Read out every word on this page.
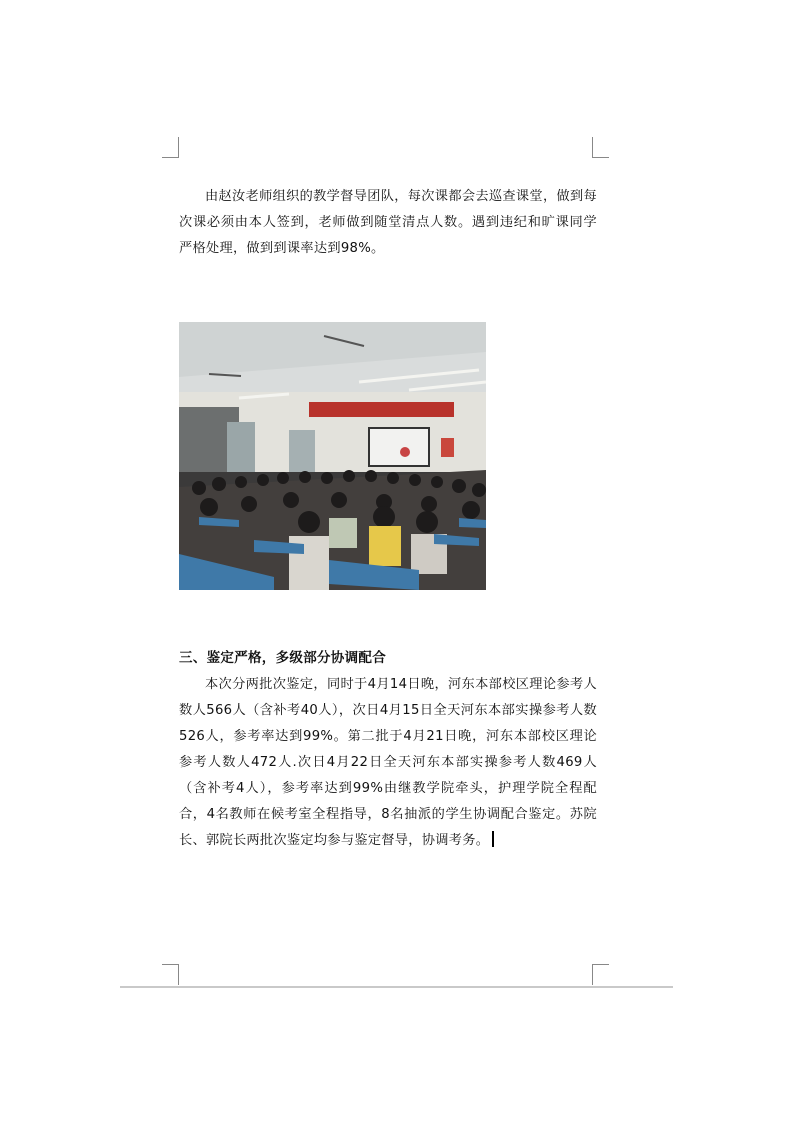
由赵汝老师组织的教学督导团队，每次课都会去巡查课堂，做到每次课必须由本人签到，老师做到随堂清点人数。遇到违纪和旷课同学严格处理，做到到课率达到98%。
三、鉴定严格，多级部分协调配合
本次分两批次鉴定，同时于4月14日晚，河东本部校区理论参考人数人566人（含补考40人），次日4月15日全天河东本部实操参考人数526人，参考率达到99%。第二批于4月21日晚，河东本部校区理论参考人数人472人.次日4月22日全天河东本部实操参考人数469人（含补考4人），参考率达到99%由继教学院牵头，护理学院全程配合，4名教师在候考室全程指导，8名抽派的学生协调配合鉴定。苏院长、郭院长两批次鉴定均参与鉴定督导，协调考务。
